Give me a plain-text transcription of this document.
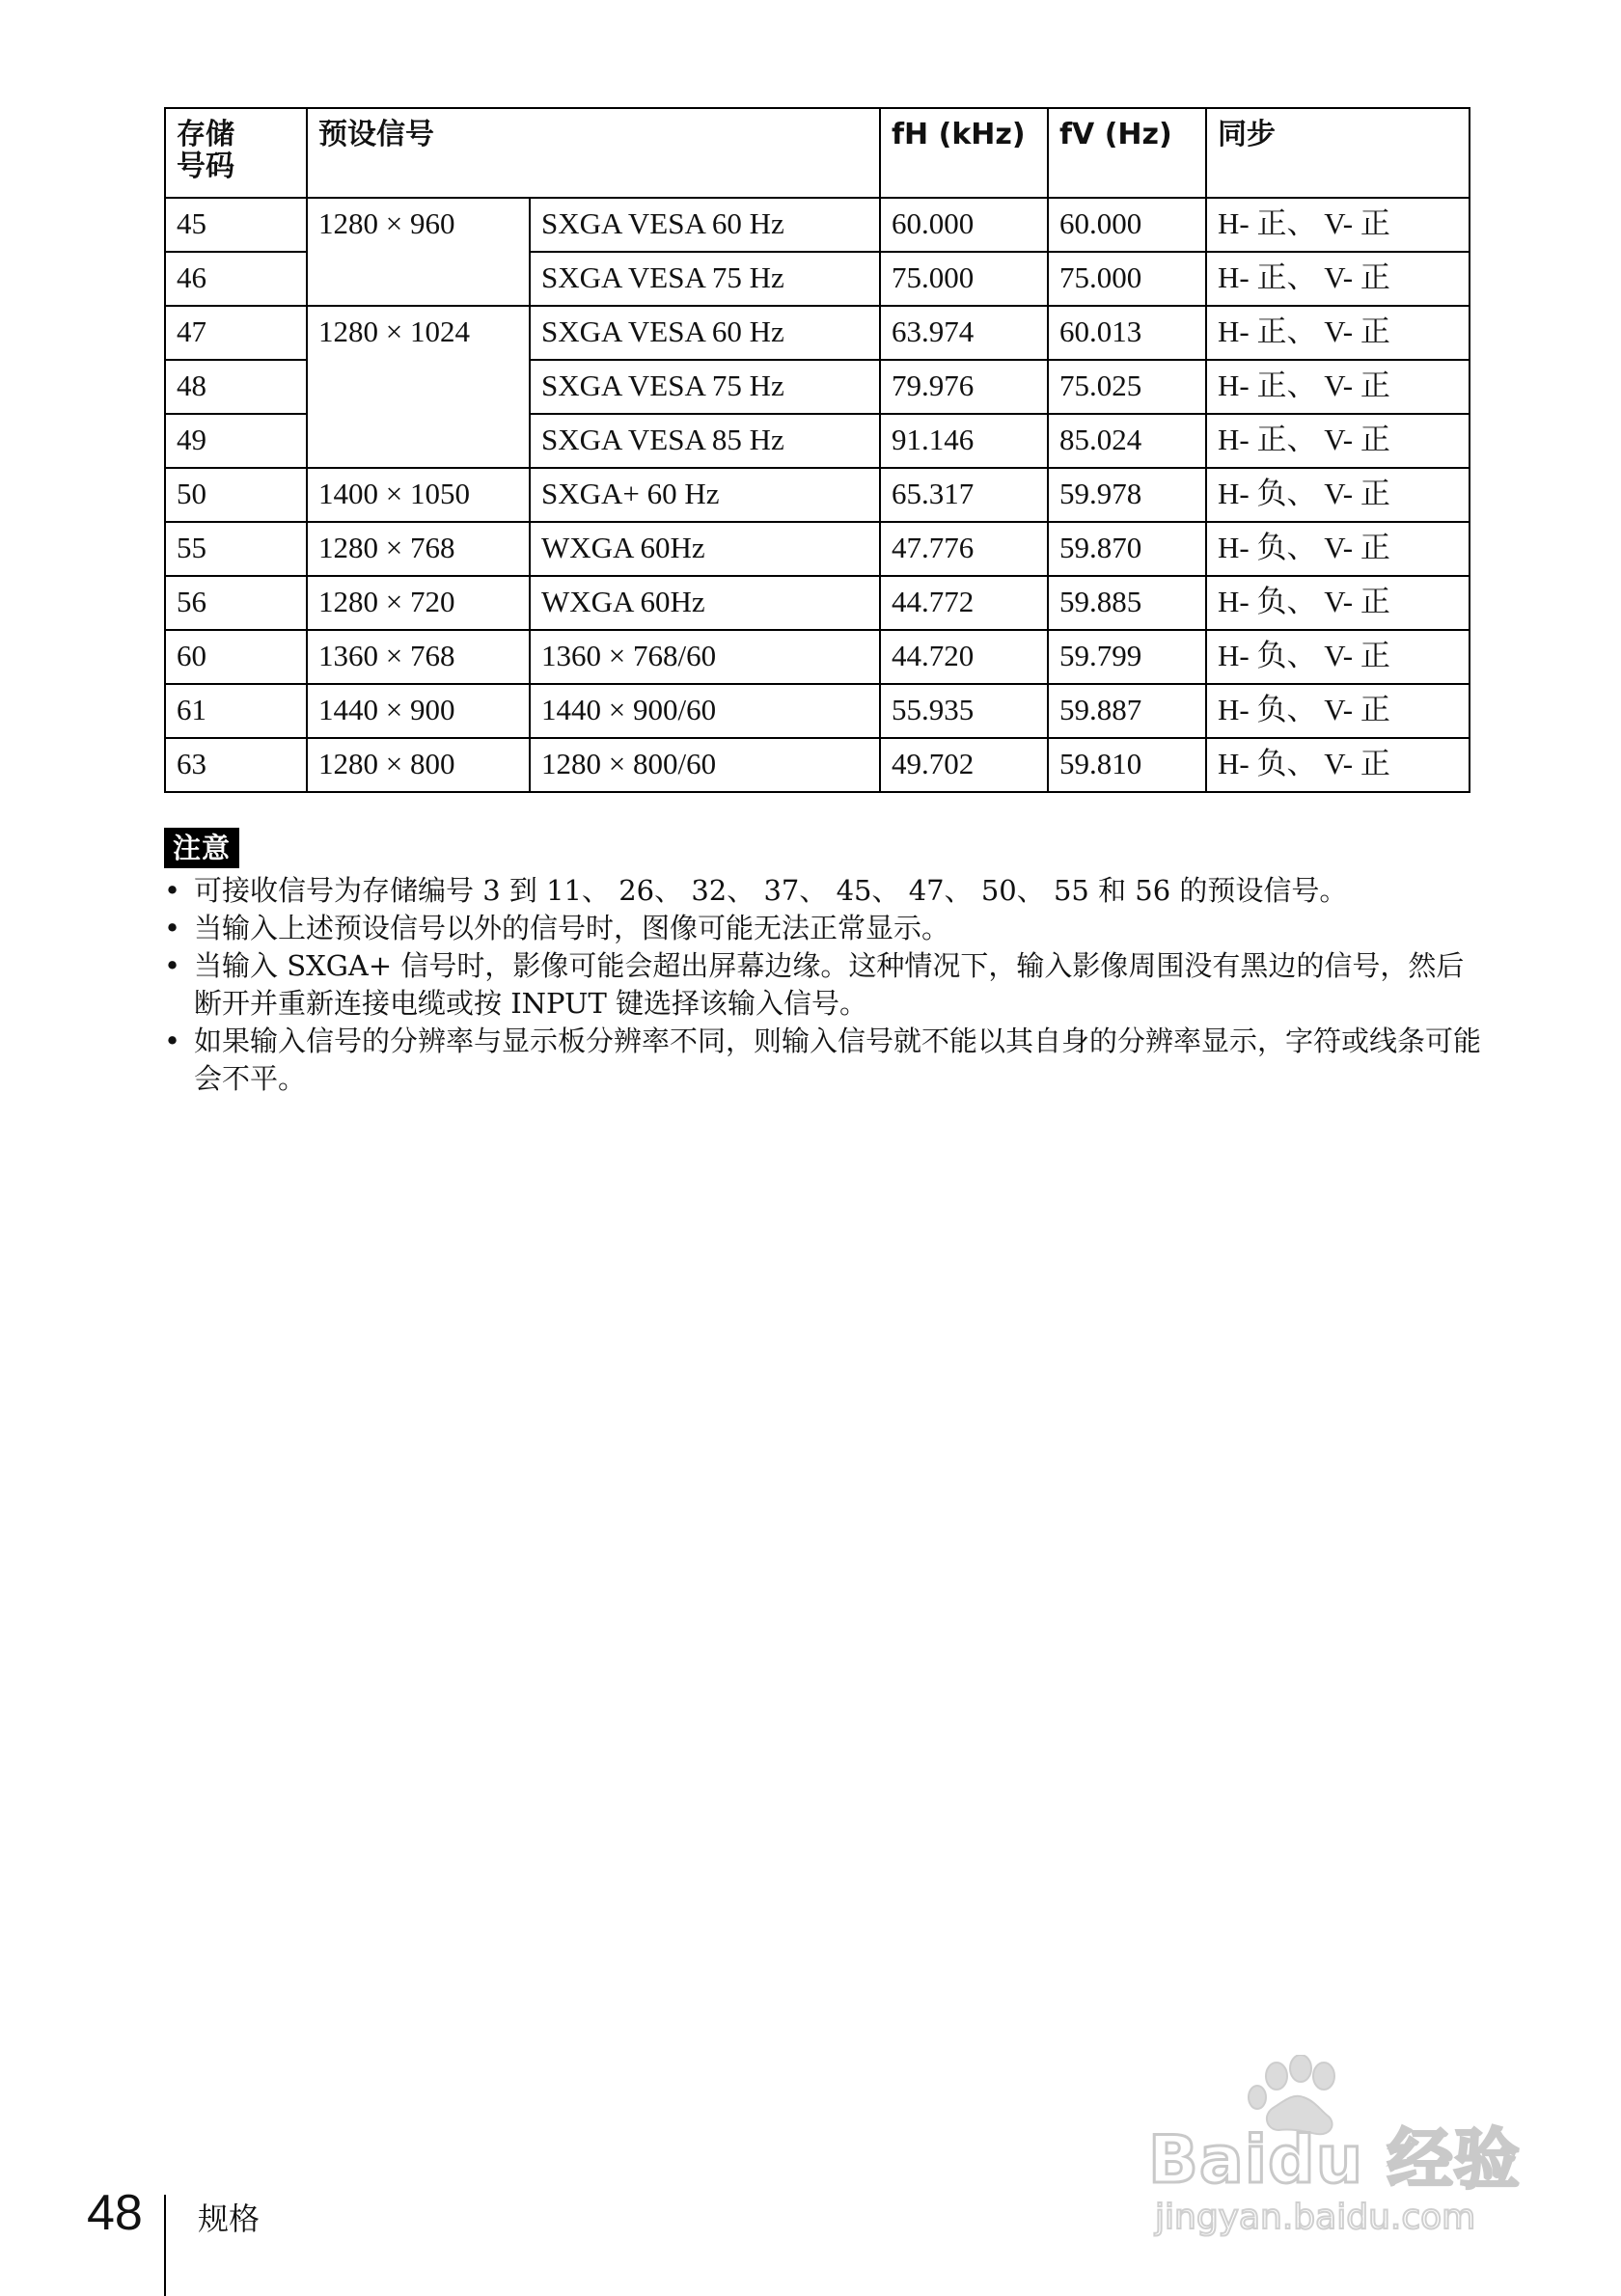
存储
号码	预设信号		fH (kHz)	fV (Hz)	同步
45	1280 × 960	SXGA VESA 60 Hz	60.000	60.000	H- 正、 V- 正
46		SXGA VESA 75 Hz	75.000	75.000	H- 正、 V- 正
47	1280 × 1024	SXGA VESA 60 Hz	63.974	60.013	H- 正、 V- 正
48		SXGA VESA 75 Hz	79.976	75.025	H- 正、 V- 正
49		SXGA VESA 85 Hz	91.146	85.024	H- 正、 V- 正
50	1400 × 1050	SXGA+ 60 Hz	65.317	59.978	H- 负、 V- 正
55	1280 × 768	WXGA 60Hz	47.776	59.870	H- 负、 V- 正
56	1280 × 720	WXGA 60Hz	44.772	59.885	H- 负、 V- 正
60	1360 × 768	1360 × 768/60	44.720	59.799	H- 负、 V- 正
61	1440 × 900	1440 × 900/60	55.935	59.887	H- 负、 V- 正
63	1280 × 800	1280 × 800/60	49.702	59.810	H- 负、 V- 正
注意
• 可接收信号为存储编号 3 到 11、 26、 32、 37、 45、 47、 50、 55 和 56 的预设信号。
• 当输入上述预设信号以外的信号时，图像可能无法正常显示。
• 当输入 SXGA+ 信号时，影像可能会超出屏幕边缘。这种情况下，输入影像周围没有黑边的信号，然后断开并重新连接电缆或按 INPUT 键选择该输入信号。
• 如果输入信号的分辨率与显示板分辨率不同，则输入信号就不能以其自身的分辨率显示，字符或线条可能会不平。
48 规格
Baidu 经验
jingyan.baidu.com
